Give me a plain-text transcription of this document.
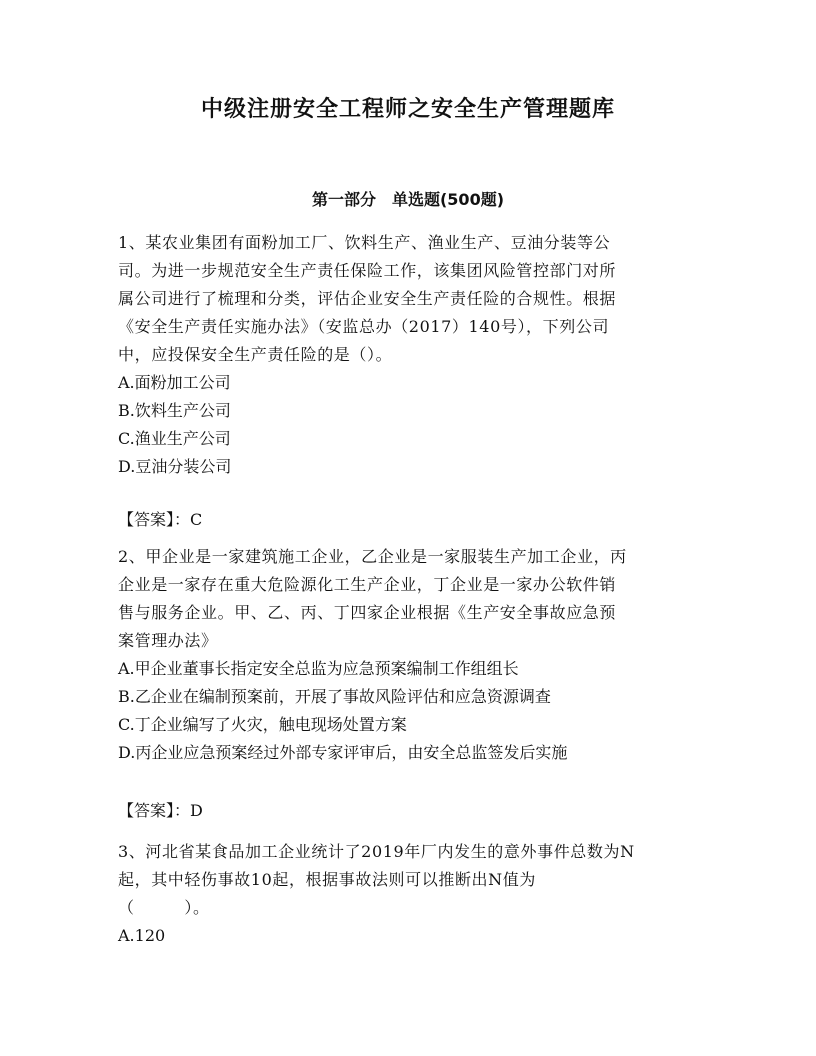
中级注册安全工程师之安全生产管理题库
第一部分　单选题(500题)
1、某农业集团有面粉加工厂、饮料生产、渔业生产、豆油分装等公
司。为进一步规范安全生产责任保险工作，该集团风险管控部门对所
属公司进行了梳理和分类，评估企业安全生产责任险的合规性。根据
《安全生产责任实施办法》（安监总办（2017）140号），下列公司
中，应投保安全生产责任险的是（）。
A.面粉加工公司
B.饮料生产公司
C.渔业生产公司
D.豆油分装公司
【答案】：C
2、甲企业是一家建筑施工企业，乙企业是一家服装生产加工企业，丙
企业是一家存在重大危险源化工生产企业，丁企业是一家办公软件销
售与服务企业。甲、乙、丙、丁四家企业根据《生产安全事故应急预
案管理办法》
A.甲企业董事长指定安全总监为应急预案编制工作组组长
B.乙企业在编制预案前，开展了事故风险评估和应急资源调查
C.丁企业编写了火灾，触电现场处置方案
D.丙企业应急预案经过外部专家评审后，由安全总监签发后实施
【答案】：D
3、河北省某食品加工企业统计了2019年厂内发生的意外事件总数为N
起，其中轻伤事故10起，根据事故法则可以推断出N值为
（　　　）。
A.120
